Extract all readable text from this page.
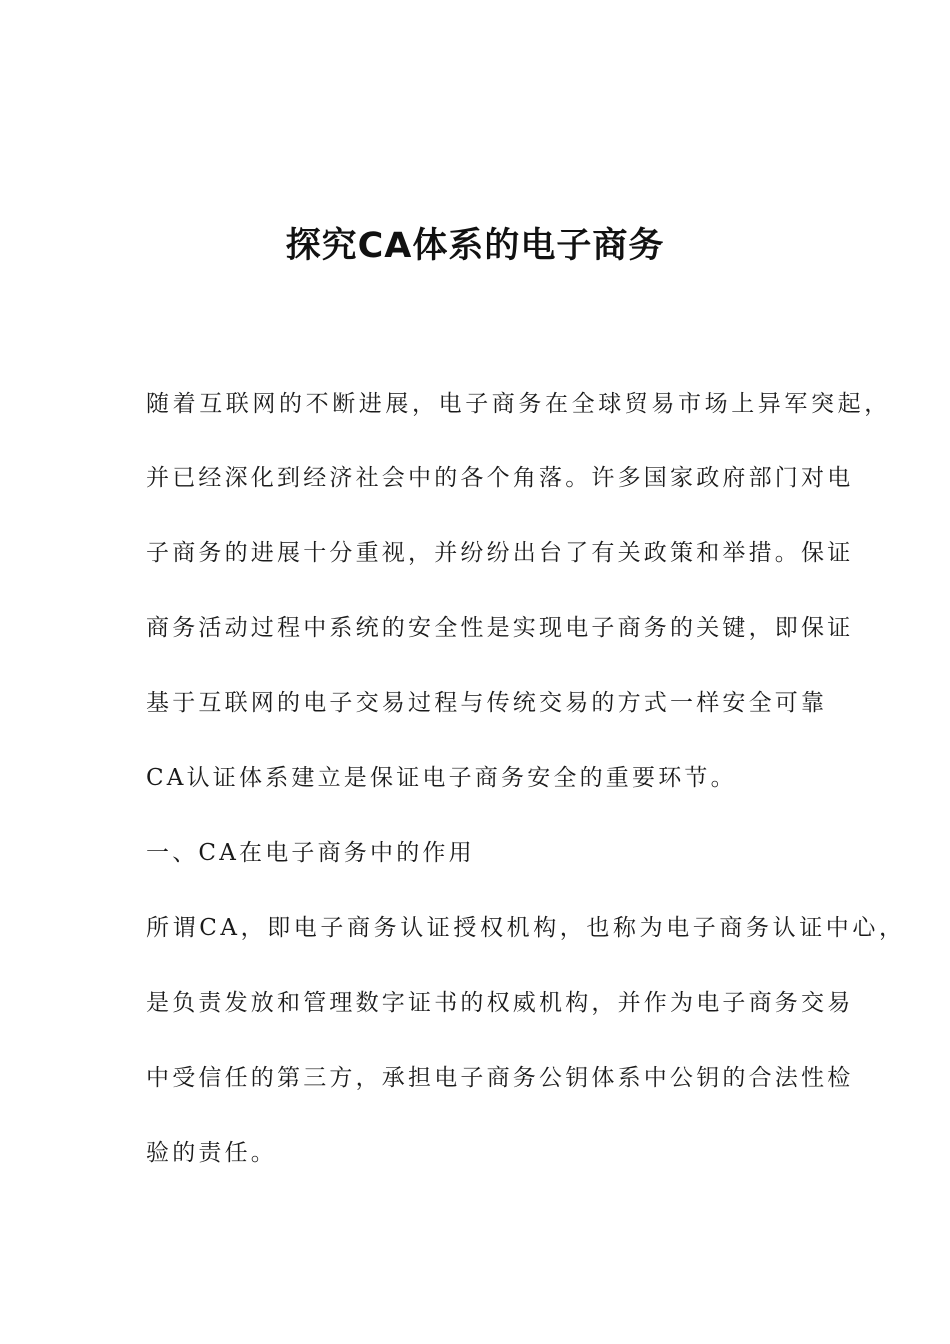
探究CA体系的电子商务
随着互联网的不断进展，电子商务在全球贸易市场上异军突起，
并已经深化到经济社会中的各个角落。许多国家政府部门对电
子商务的进展十分重视，并纷纷出台了有关政策和举措。保证
商务活动过程中系统的安全性是实现电子商务的关键，即保证
基于互联网的电子交易过程与传统交易的方式一样安全可靠
CA认证体系建立是保证电子商务安全的重要环节。
一、CA在电子商务中的作用
所谓CA，即电子商务认证授权机构，也称为电子商务认证中心，
是负责发放和管理数字证书的权威机构，并作为电子商务交易
中受信任的第三方，承担电子商务公钥体系中公钥的合法性检
验的责任。
